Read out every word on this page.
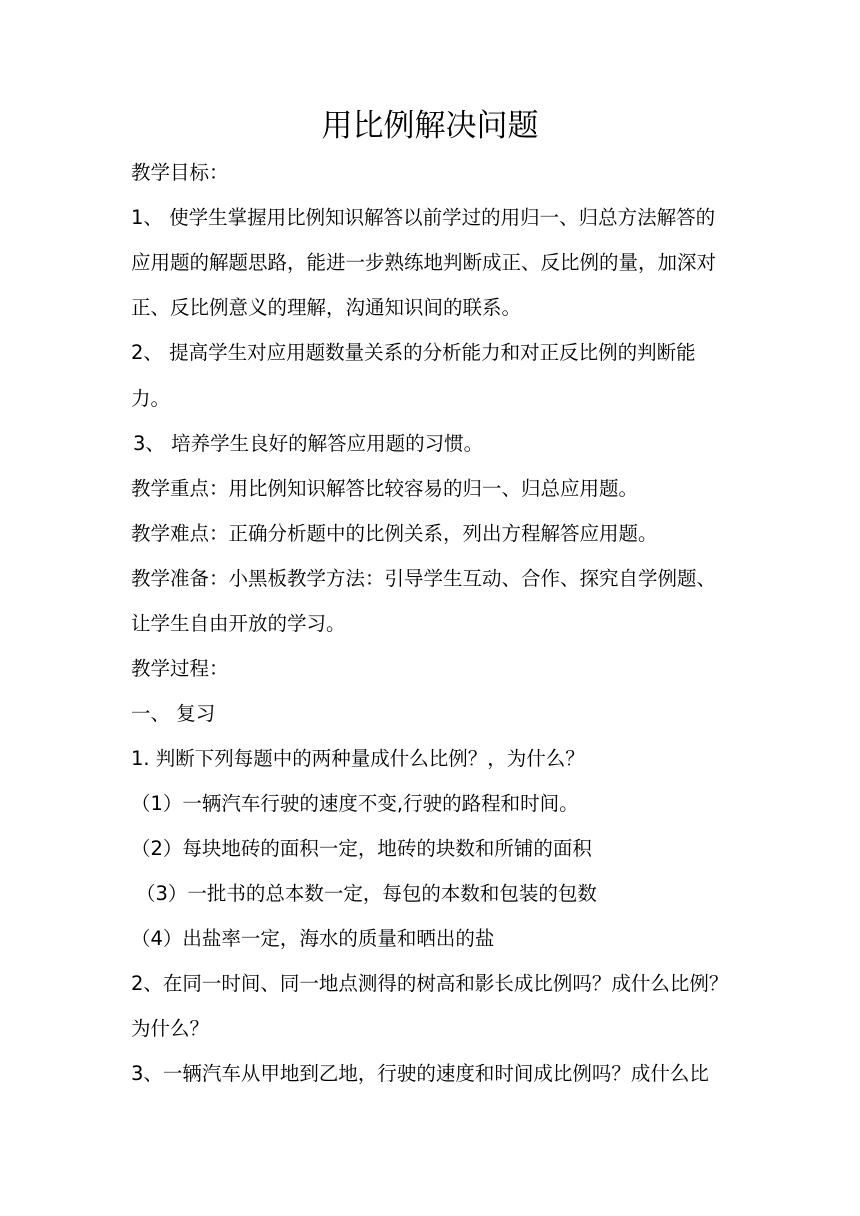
用比例解决问题

教学目标：

1、 使学生掌握用比例知识解答以前学过的用归一、归总方法解答的

应用题的解题思路，能进一步熟练地判断成正、反比例的量，加深对

正、反比例意义的理解，沟通知识间的联系。

2、 提高学生对应用题数量关系的分析能力和对正反比例的判断能

力。

3、 培养学生良好的解答应用题的习惯。

教学重点：用比例知识解答比较容易的归一、归总应用题。

教学难点：正确分析题中的比例关系，列出方程解答应用题。

教学准备：小黑板教学方法：引导学生互动、合作、探究自学例题、

让学生自由开放的学习。

教学过程：

一、 复习

1. 判断下列每题中的两种量成什么比例？，为什么？

（1）一辆汽车行驶的速度不变,行驶的路程和时间。

（2）每块地砖的面积一定，地砖的块数和所铺的面积

（3）一批书的总本数一定，每包的本数和包装的包数

（4）出盐率一定，海水的质量和晒出的盐

2、在同一时间、同一地点测得的树高和影长成比例吗？成什么比例？

为什么？

3、一辆汽车从甲地到乙地，行驶的速度和时间成比例吗？成什么比
